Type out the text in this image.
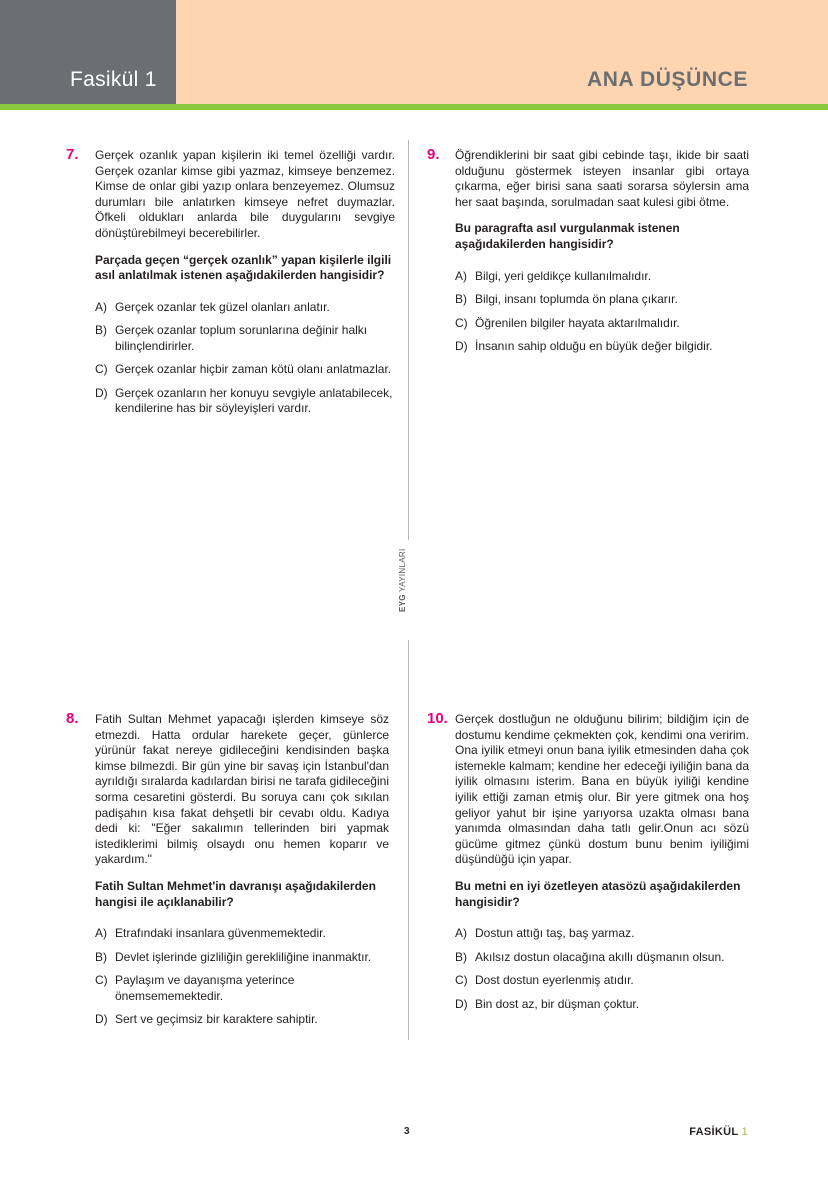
Fasikül 1	ANA DÜŞÜNCE
7. Gerçek ozanlık yapan kişilerin iki temel özelliği vardır. Gerçek ozanlar kimse gibi yazmaz, kimseye benzemez. Kimse de onlar gibi yazıp onlara benzeyemez. Olumsuz durumları bile anlatırken kimseye nefret duymazlar. Öfkeli oldukları anlarda bile duygularını sevgiye dönüştürebilmeyi becerebilirler.

Parçada geçen “gerçek ozanlık” yapan kişilerle ilgili asıl anlatılmak istenen aşağıdakilerden hangisidir?

A) Gerçek ozanlar tek güzel olanları anlatır.
B) Gerçek ozanlar toplum sorunlarına değinir halkı bilinçlendirirler.
C) Gerçek ozanlar hiçbir zaman kötü olanı anlatmazlar.
D) Gerçek ozanların her konuyu sevgiyle anlatabilecek, kendilerine has bir söyleyişleri vardır.
9. Öğrendiklerini bir saat gibi cebinde taşı, ikide bir saati olduğunu göstermek isteyen insanlar gibi ortaya çıkarma, eğer birisi sana saati sorarsa söylersin ama her saat başında, sorulmadan saat kulesi gibi ötme.

Bu paragrafta asıl vurgulanmak istenen aşağıdakilerden hangisidir?

A) Bilgi, yeri geldikçe kullanılmalıdır.
B) Bilgi, insanı toplumda ön plana çıkarır.
C) Öğrenilen bilgiler hayata aktarılmalıdır.
D) İnsanın sahip olduğu en büyük değer bilgidir.
EYG YAYINLARI
8. Fatih Sultan Mehmet yapacağı işlerden kimseye söz etmezdi. Hatta ordular harekete geçer, günlerce yürünür fakat nereye gidileceğini kendisinden başka kimse bilmezdi. Bir gün yine bir savaş için İstanbul'dan ayrıldığı sıralarda kadılardan birisi ne tarafa gidileceğini sorma cesaretini gösterdi. Bu soruya canı çok sıkılan padişahın kısa fakat dehşetli bir cevabı oldu. Kadıya dedi ki: "Eğer sakalımın tellerinden biri yapmak istediklerimi bilmiş olsaydı onu hemen koparır ve yakardım."

Fatih Sultan Mehmet'in davranışı aşağıdakilerden hangisi ile açıklanabilir?

A) Etrafındaki insanlara güvenmemektedir.
B) Devlet işlerinde gizliliğin gerekliliğine inanmaktır.
C) Paylaşım ve dayanışma yeterince önemsememektedir.
D) Sert ve geçimsiz bir karaktere sahiptir.
10. Gerçek dostluğun ne olduğunu bilirim; bildiğim için de dostumu kendime çekmekten çok, kendimi ona veririm. Ona iyilik etmeyi onun bana iyilik etmesinden daha çok istemekle kalmam; kendine her edeceği iyiliğin bana da iyilik olmasını isterim. Bana en büyük iyiliği kendine iyilik ettiği zaman etmiş olur. Bir yere gitmek ona hoş geliyor yahut bir işine yarıyorsa uzakta olması bana yanımda olmasından daha tatlı gelir.Onun acı sözü gücüme gitmez çünkü dostum bunu benim iyiliğimi düşündüğü için yapar.

Bu metni en iyi özetleyen atasözü aşağıdakilerden hangisidir?

A) Dostun attığı taş, baş yarmaz.
B) Akılsız dostun olacağına akıllı düşmanın olsun.
C) Dost dostun eyerlenmiş atıdır.
D) Bin dost az, bir düşman çoktur.
3	FASİKÜL 1
